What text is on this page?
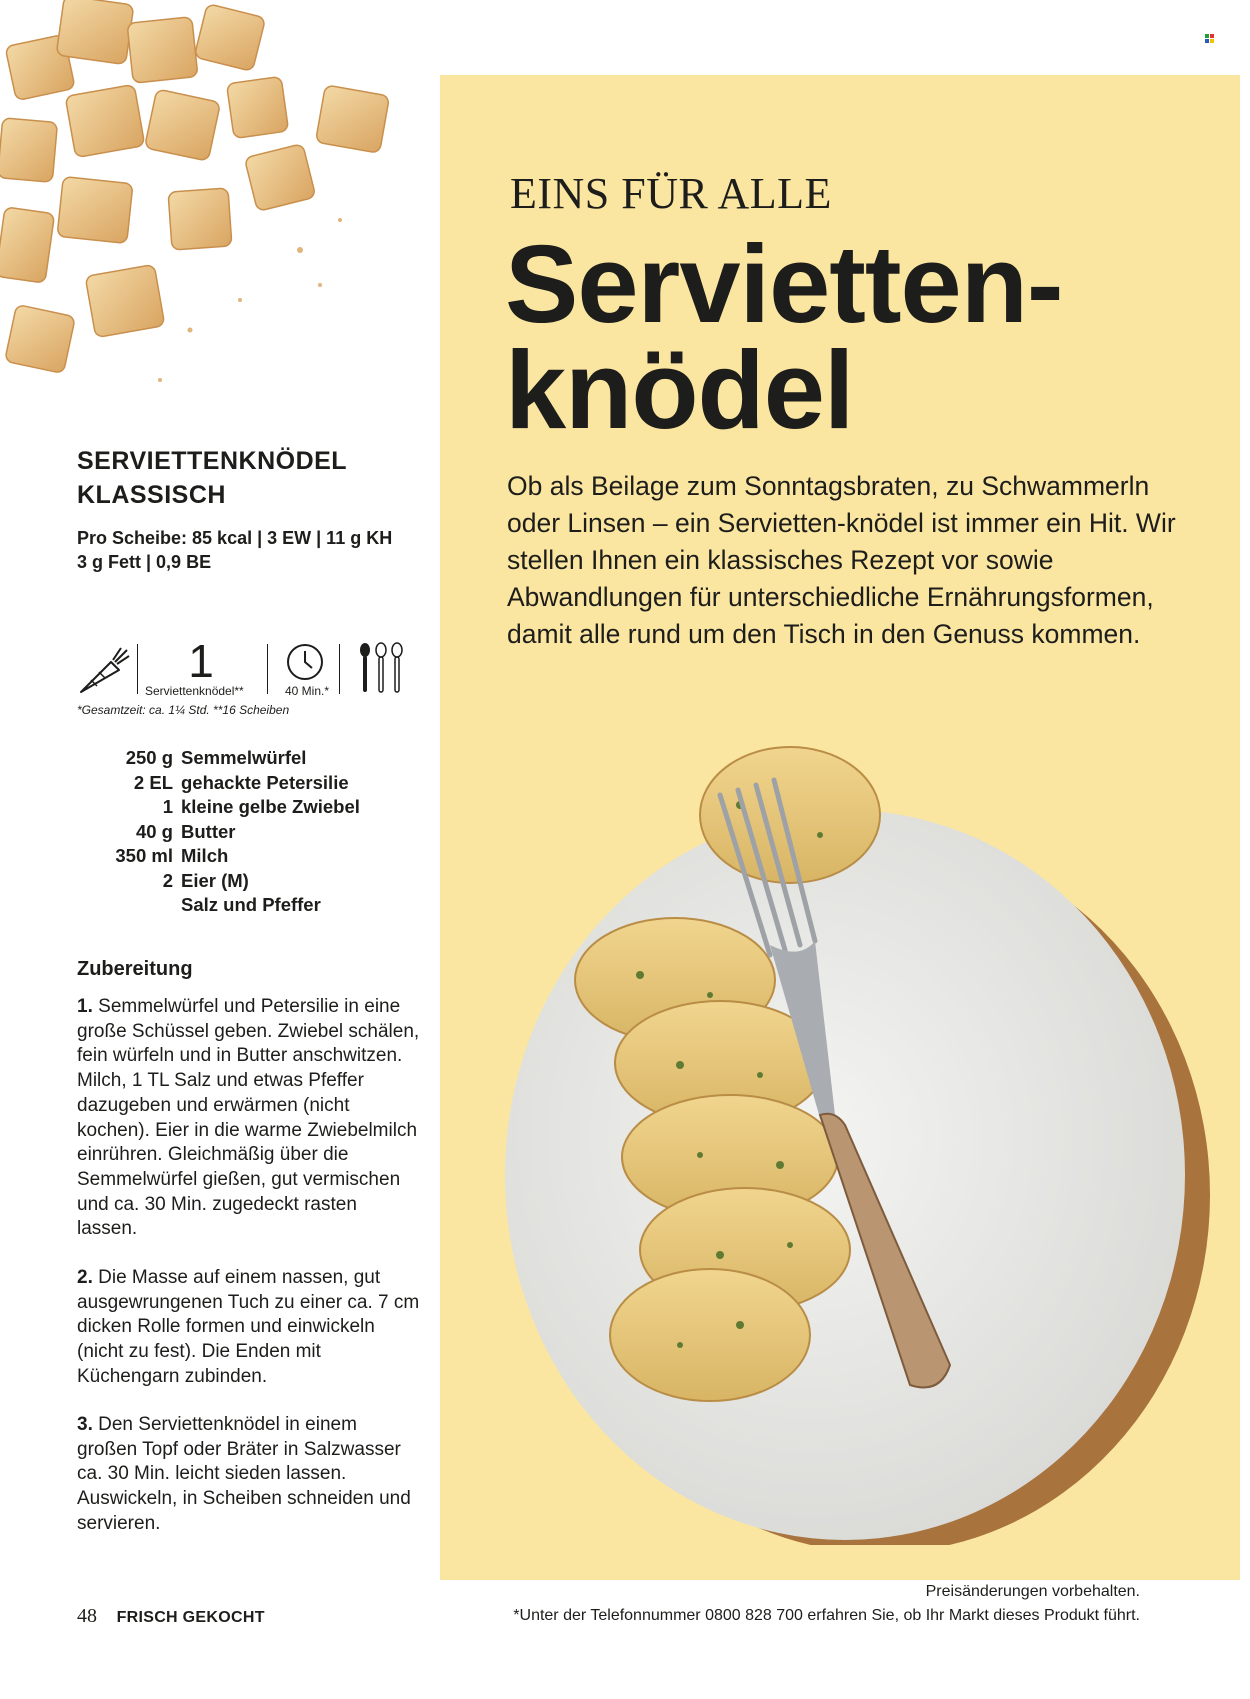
EINS FÜR ALLE
Servietten-
knödel
Ob als Beilage zum Sonntagsbraten, zu Schwammerln oder Linsen – ein Servietten-knödel ist immer ein Hit. Wir stellen Ihnen ein klassisches Rezept vor sowie Abwandlungen für unterschiedliche Ernährungsformen, damit alle rund um den Tisch in den Genuss kommen.
SERVIETTENKNÖDEL
KLASSISCH
Pro Scheibe: 85 kcal | 3 EW | 11 g KH
3 g Fett | 0,9 BE
1
Serviettenknödel**	40 Min.*
*Gesamtzeit: ca. 1¼ Std. **16 Scheiben
250 g Semmelwürfel
2 EL gehackte Petersilie
1 kleine gelbe Zwiebel
40 g Butter
350 ml Milch
2 Eier (M)
Salz und Pfeffer
Zubereitung
1. Semmelwürfel und Petersilie in eine große Schüssel geben. Zwiebel schälen, fein würfeln und in Butter anschwitzen. Milch, 1 TL Salz und etwas Pfeffer dazugeben und erwärmen (nicht kochen). Eier in die warme Zwiebelmilch einrühren. Gleichmäßig über die Semmelwürfel gießen, gut vermischen und ca. 30 Min. zugedeckt rasten lassen.
2. Die Masse auf einem nassen, gut ausgewrungenen Tuch zu einer ca. 7 cm dicken Rolle formen und einwickeln (nicht zu fest). Die Enden mit Küchengarn zubinden.
3. Den Serviettenknödel in einem großen Topf oder Bräter in Salzwasser ca. 30 Min. leicht sieden lassen. Auswickeln, in Scheiben schneiden und servieren.
48 FRISCH GEKOCHT
Preisänderungen vorbehalten.
*Unter der Telefonnummer 0800 828 700 erfahren Sie, ob Ihr Markt dieses Produkt führt.
